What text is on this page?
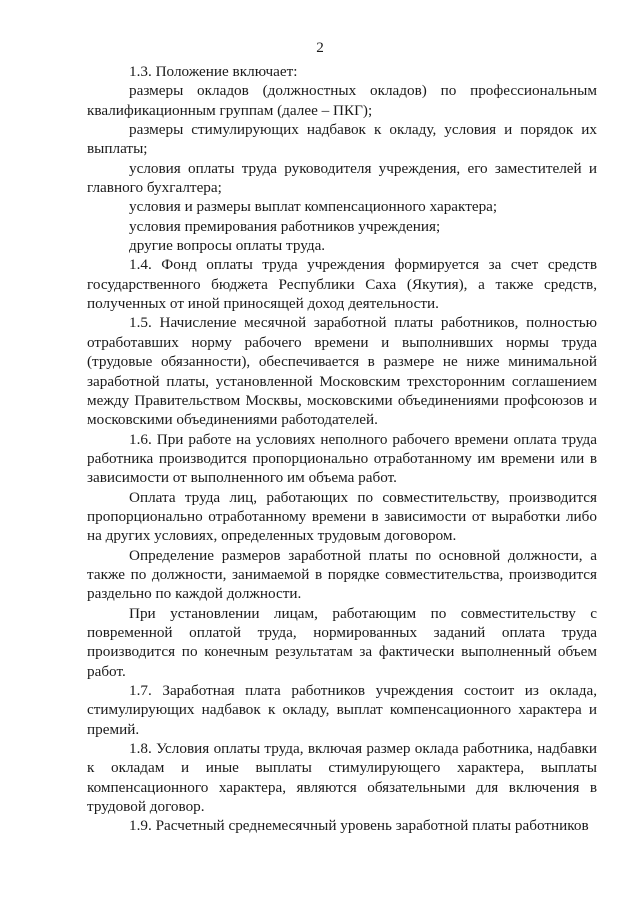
2

1.3. Положение включает:

размеры окладов (должностных окладов) по профессиональным квалификационным группам (далее – ПКГ);

размеры стимулирующих надбавок к окладу, условия и порядок их выплаты;

условия оплаты труда руководителя учреждения, его заместителей и главного бухгалтера;

условия и размеры выплат компенсационного характера;

условия премирования работников учреждения;

другие вопросы оплаты труда.

1.4. Фонд оплаты труда учреждения формируется за счет средств государственного бюджета Республики Саха (Якутия), а также средств, полученных от иной приносящей доход деятельности.

1.5. Начисление месячной заработной платы работников, полностью отработавших норму рабочего времени и выполнивших нормы труда (трудовые обязанности), обеспечивается в размере не ниже минимальной заработной платы, установленной Московским трехсторонним соглашением между Правительством Москвы, московскими объединениями профсоюзов и московскими объединениями работодателей.

1.6. При работе на условиях неполного рабочего времени оплата труда работника производится пропорционально отработанному им времени или в зависимости от выполненного им объема работ.

Оплата труда лиц, работающих по совместительству, производится пропорционально отработанному времени в зависимости от выработки либо на других условиях, определенных трудовым договором.

Определение размеров заработной платы по основной должности, а также по должности, занимаемой в порядке совместительства, производится раздельно по каждой должности.

При установлении лицам, работающим по совместительству с повременной оплатой труда, нормированных заданий оплата труда производится по конечным результатам за фактически выполненный объем работ.

1.7. Заработная плата работников учреждения состоит из оклада, стимулирующих надбавок к окладу, выплат компенсационного характера и премий.

1.8. Условия оплаты труда, включая размер оклада работника, надбавки к окладам и иные выплаты стимулирующего характера, выплаты компенсационного характера, являются обязательными для включения в трудовой договор.

1.9. Расчетный среднемесячный уровень заработной платы работников
